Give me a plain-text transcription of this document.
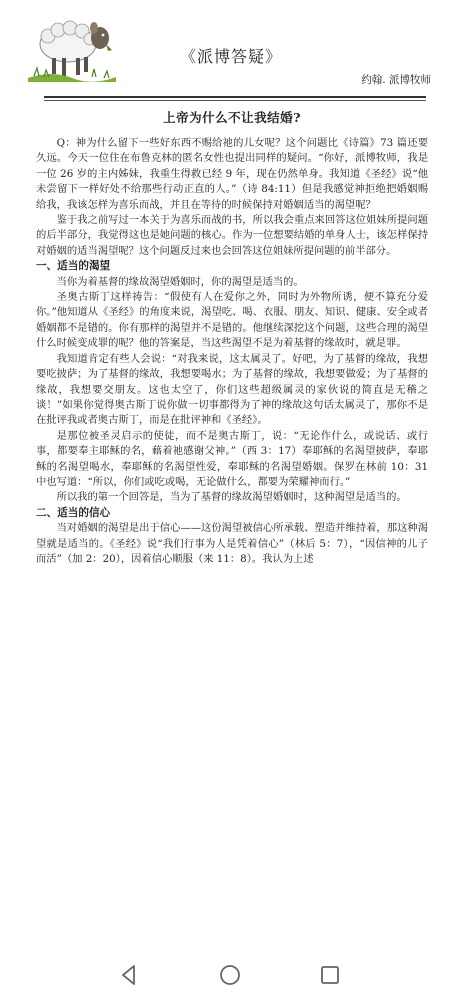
《派博答疑》
约翰. 派博牧师
上帝为什么不让我结婚?
Q：神为什么留下一些好东西不赐给祂的儿女呢？这个问题比《诗篇》73 篇还要久远。今天一位住在布鲁克林的匿名女性也提出同样的疑问。“你好，派博牧师，我是一位 26 岁的主内姊妹，我重生得救已经 9 年，现在仍然单身。我知道《圣经》说“他未尝留下一样好处不给那些行动正直的人。”（诗 84:11）但是我感觉神拒绝把婚姻赐给我，我该怎样为喜乐而战，并且在等待的时候保持对婚姻适当的渴望呢？
鉴于我之前写过一本关于为喜乐而战的书，所以我会重点来回答这位姐妹所提问题的后半部分，我觉得这也是她问题的核心。作为一位想要结婚的单身人士，该怎样保持对婚姻的适当渴望呢？这个问题反过来也会回答这位姐妹所提问题的前半部分。
一、适当的渴望
当你为着基督的缘故渴望婚姻时，你的渴望是适当的。
圣奥古斯丁这样祷告：“假使有人在爱你之外，同时为外物所诱，便不算充分爱你。”他知道从《圣经》的角度来说，渴望吃、喝、衣服、朋友、知识、健康、安全或者婚姻都不是错的。你有那样的渴望并不是错的。他继续深挖这个问题，这些合理的渴望什么时候变成罪的呢？他的答案是，当这些渴望不是为着基督的缘故时，就是罪。
我知道肯定有些人会说：“对我来说，这太属灵了。好吧，为了基督的缘故，我想要吃披萨；为了基督的缘故，我想要喝水；为了基督的缘故，我想要做爱；为了基督的缘故，我想要交朋友。这也太空了，你们这些超级属灵的家伙说的简直是无稽之谈！”如果你觉得奥古斯丁说你做一切事都得为了神的缘故这句话太属灵了，那你不是在批评我或者奥古斯丁，而是在批评神和《圣经》。
是那位被圣灵启示的使徒，而不是奥古斯丁，说：“无论作什么，或说话、或行事，都要奉主耶稣的名，藉着祂感谢父神。”（西 3：17）奉耶稣的名渴望披萨，奉耶稣的名渴望喝水，奉耶稣的名渴望性爱，奉耶稣的名渴望婚姻。保罗在林前 10：31 中也写道：“所以，你们或吃或喝，无论做什么，都要为荣耀神而行。”
所以我的第一个回答是，当为了基督的缘故渴望婚姻时，这种渴望是适当的。
二、适当的信心
当对婚姻的渴望是出于信心——这份渴望被信心所承载、塑造并维持着，那这种渴望就是适当的。《圣经》说“我们行事为人是凭着信心”（林后 5：7），“因信神的儿子而活”（加 2：20），因着信心顺服（来 11：8）。我认为上述
